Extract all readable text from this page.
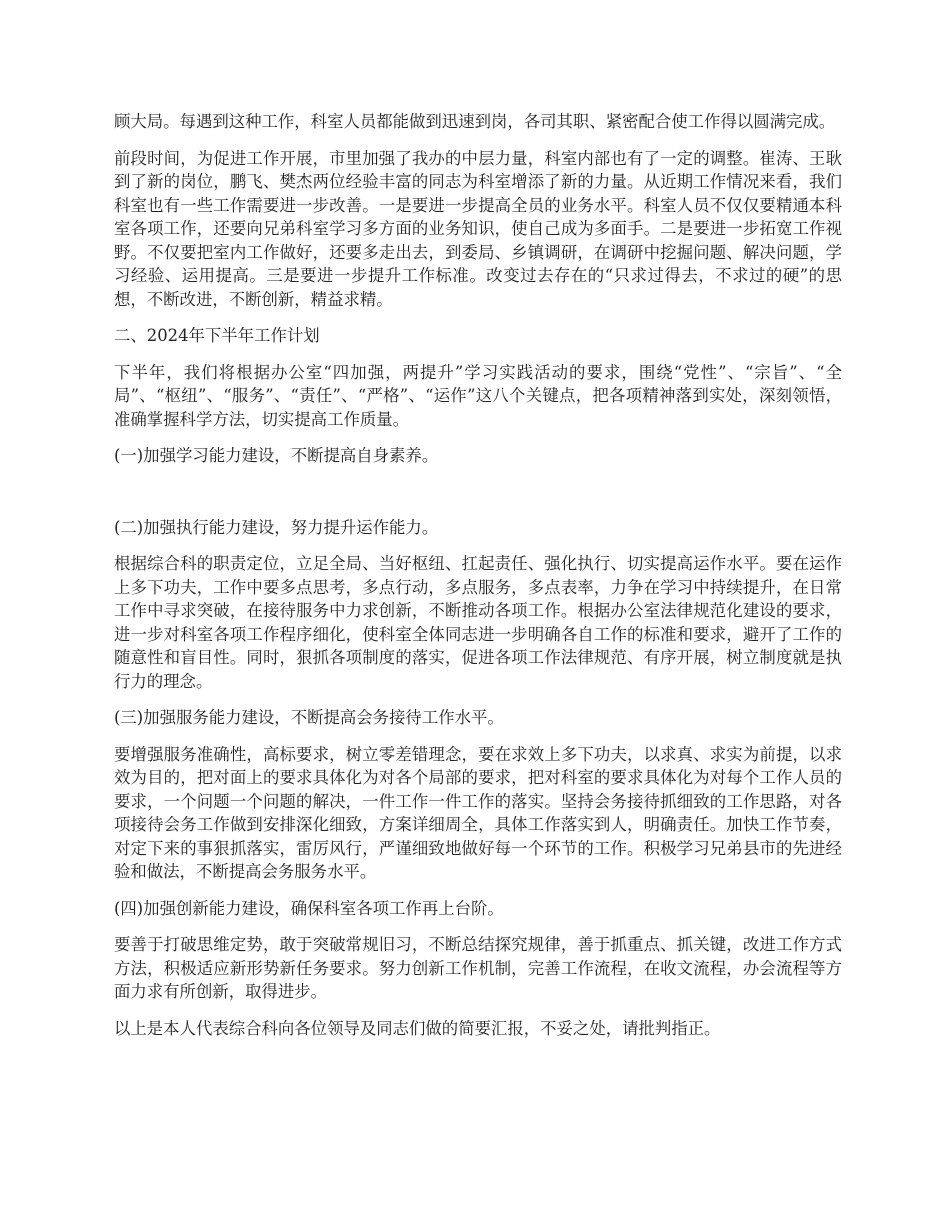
顾大局。每遇到这种工作，科室人员都能做到迅速到岗，各司其职、紧密配合使工作得以圆满完成。

前段时间，为促进工作开展，市里加强了我办的中层力量，科室内部也有了一定的调整。崔涛、王耿到了新的岗位，鹏飞、樊杰两位经验丰富的同志为科室增添了新的力量。从近期工作情况来看，我们科室也有一些工作需要进一步改善。一是要进一步提高全员的业务水平。科室人员不仅仅要精通本科室各项工作，还要向兄弟科室学习多方面的业务知识，使自己成为多面手。二是要进一步拓宽工作视野。不仅要把室内工作做好，还要多走出去，到委局、乡镇调研，在调研中挖掘问题、解决问题，学习经验、运用提高。三是要进一步提升工作标准。改变过去存在的“只求过得去，不求过的硬”的思想，不断改进，不断创新，精益求精。

二、2024年下半年工作计划

下半年，我们将根据办公室“四加强，两提升”学习实践活动的要求，围绕“党性”、“宗旨”、“全局”、“枢纽”、“服务”、“责任”、“严格”、“运作”这八个关键点，把各项精神落到实处，深刻领悟，准确掌握科学方法，切实提高工作质量。

(一)加强学习能力建设，不断提高自身素养。

(二)加强执行能力建设，努力提升运作能力。

根据综合科的职责定位，立足全局、当好枢纽、扛起责任、强化执行、切实提高运作水平。要在运作上多下功夫，工作中要多点思考，多点行动，多点服务，多点表率，力争在学习中持续提升，在日常工作中寻求突破，在接待服务中力求创新，不断推动各项工作。根据办公室法律规范化建设的要求，进一步对科室各项工作程序细化，使科室全体同志进一步明确各自工作的标准和要求，避开了工作的随意性和盲目性。同时，狠抓各项制度的落实，促进各项工作法律规范、有序开展，树立制度就是执行力的理念。

(三)加强服务能力建设，不断提高会务接待工作水平。

要增强服务准确性，高标要求，树立零差错理念，要在求效上多下功夫，以求真、求实为前提，以求效为目的，把对面上的要求具体化为对各个局部的要求，把对科室的要求具体化为对每个工作人员的要求，一个问题一个问题的解决，一件工作一件工作的落实。坚持会务接待抓细致的工作思路，对各项接待会务工作做到安排深化细致，方案详细周全，具体工作落实到人，明确责任。加快工作节奏，对定下来的事狠抓落实，雷厉风行，严谨细致地做好每一个环节的工作。积极学习兄弟县市的先进经验和做法，不断提高会务服务水平。

(四)加强创新能力建设，确保科室各项工作再上台阶。

要善于打破思维定势，敢于突破常规旧习，不断总结探究规律，善于抓重点、抓关键，改进工作方式方法，积极适应新形势新任务要求。努力创新工作机制，完善工作流程，在收文流程，办会流程等方面力求有所创新，取得进步。

以上是本人代表综合科向各位领导及同志们做的简要汇报，不妥之处，请批判指正。
